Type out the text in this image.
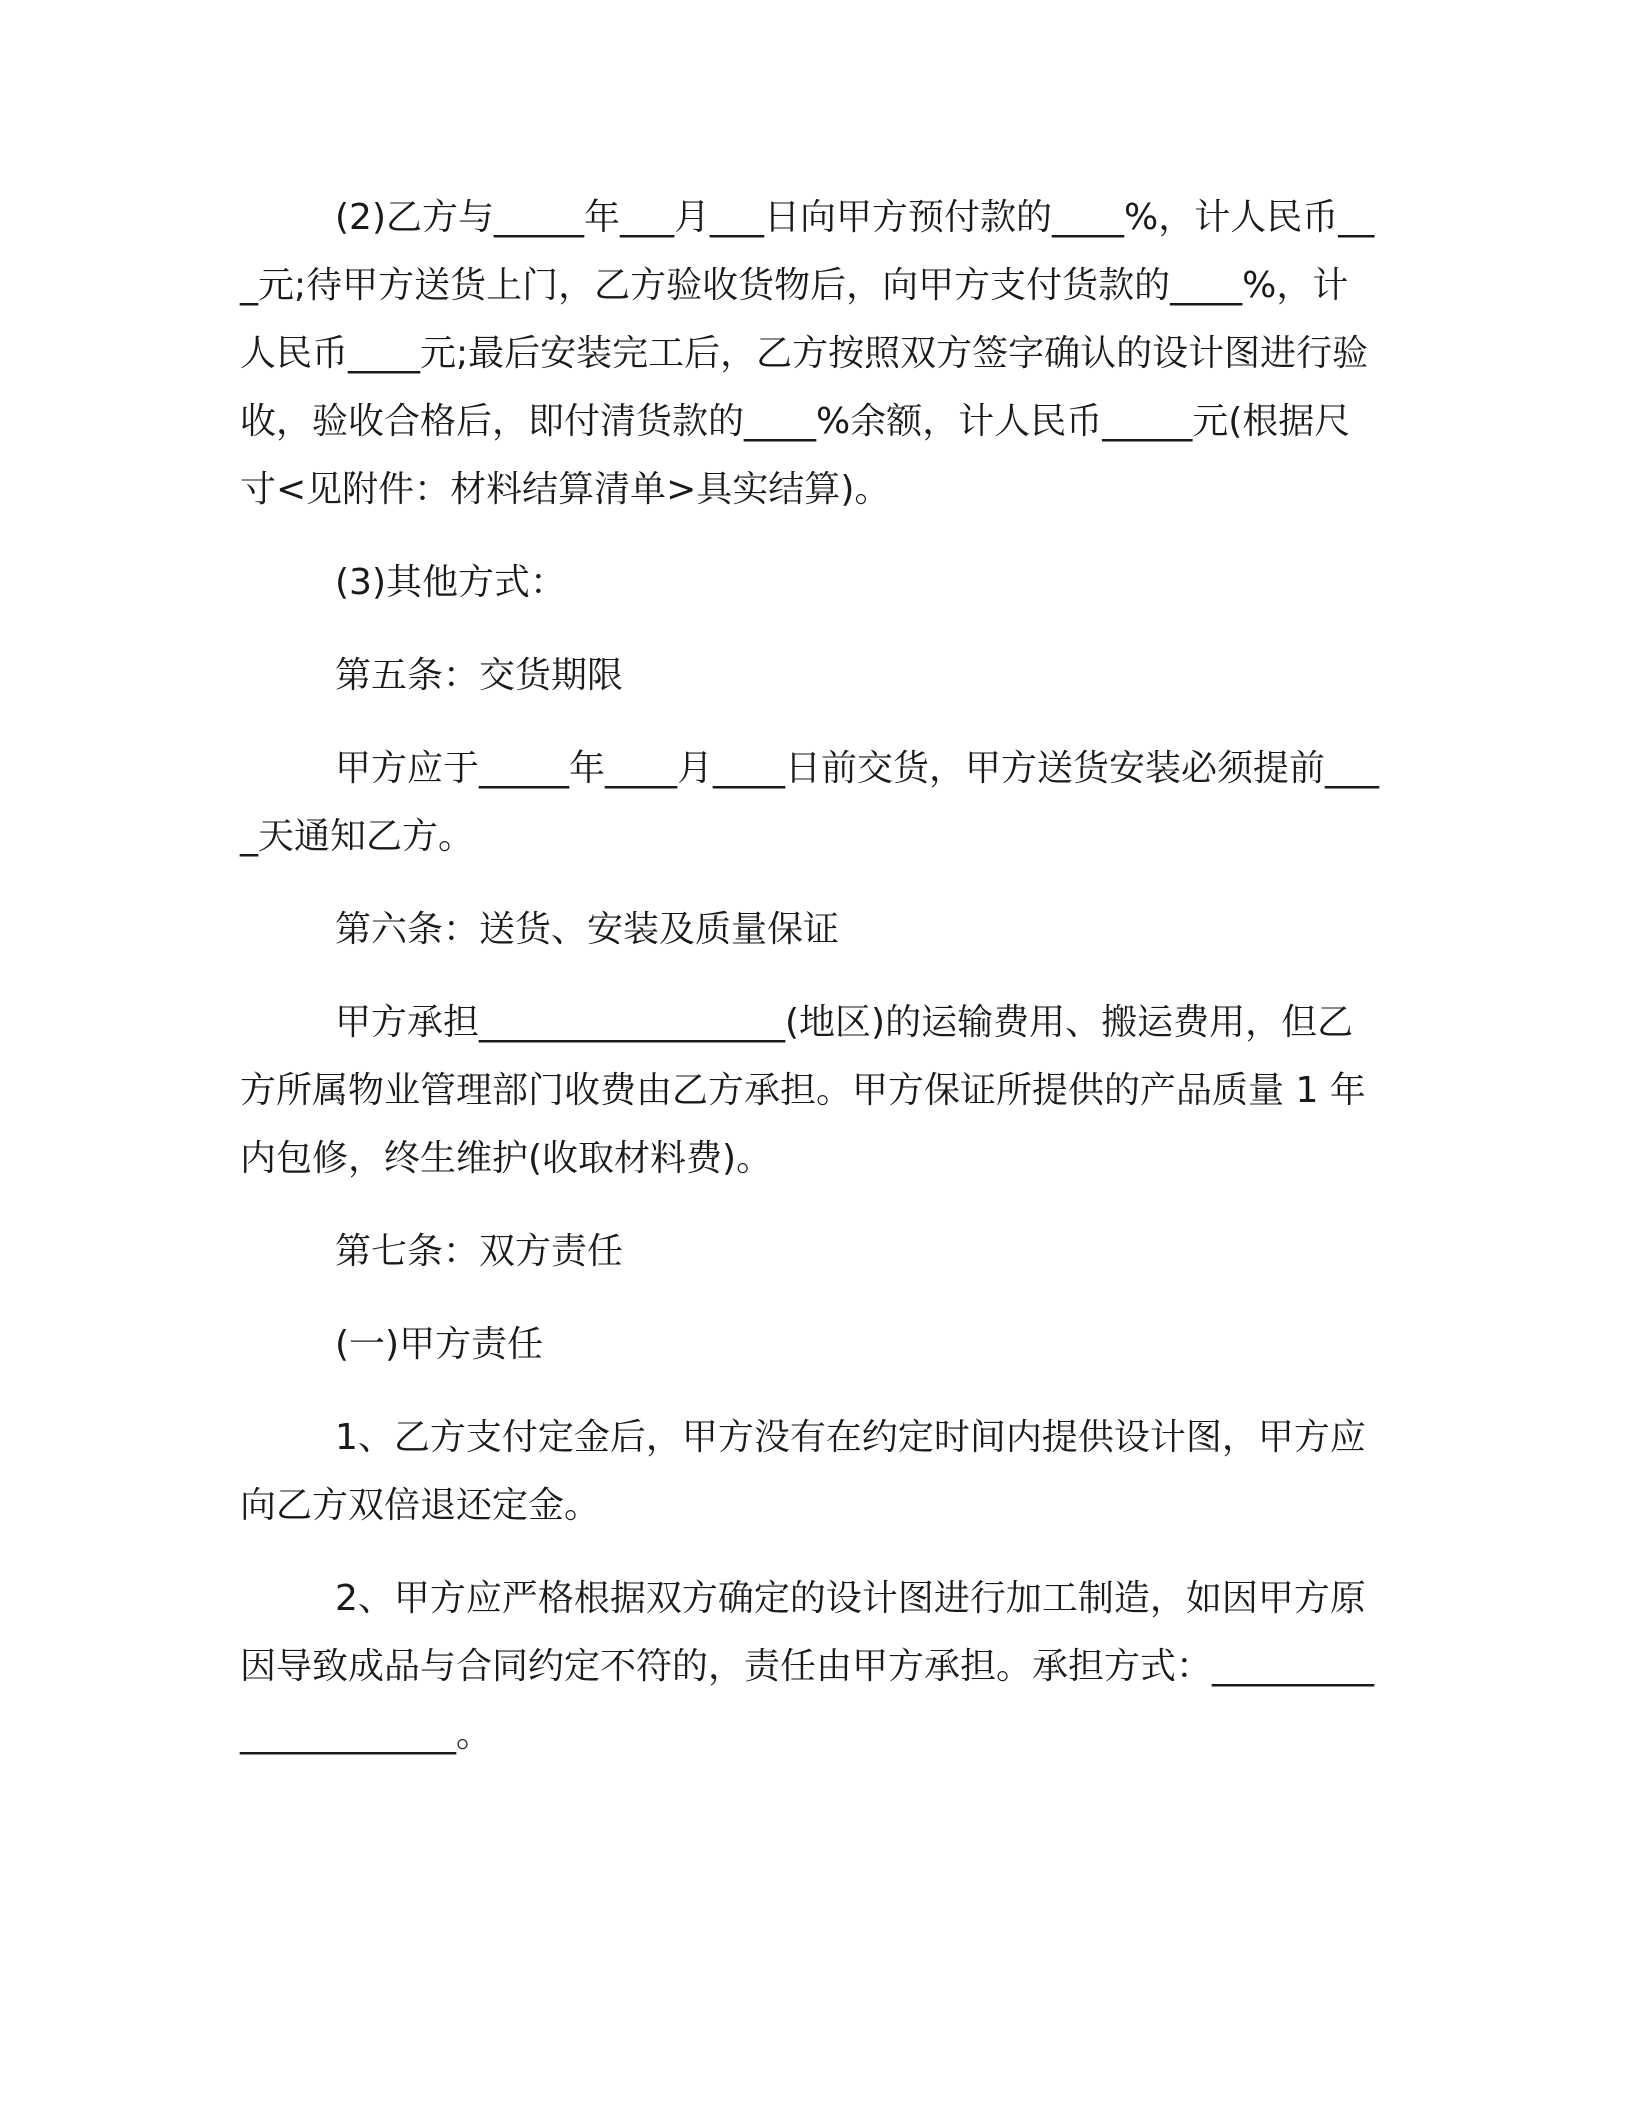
(2)乙方与_____年___月___日向甲方预付款的____%，计人民币___元;待甲方送货上门，乙方验收货物后，向甲方支付货款的____%，计人民币____元;最后安装完工后，乙方按照双方签字确认的设计图进行验收，验收合格后，即付清货款的____%余额，计人民币_____元(根据尺寸<见附件：材料结算清单>具实结算)。

(3)其他方式：

第五条：交货期限

甲方应于_____年____月____日前交货，甲方送货安装必须提前____天通知乙方。

第六条：送货、安装及质量保证

甲方承担_________________(地区)的运输费用、搬运费用，但乙方所属物业管理部门收费由乙方承担。甲方保证所提供的产品质量 1 年内包修，终生维护(收取材料费)。

第七条：双方责任

(一)甲方责任

1、乙方支付定金后，甲方没有在约定时间内提供设计图，甲方应向乙方双倍退还定金。

2、甲方应严格根据双方确定的设计图进行加工制造，如因甲方原因导致成品与合同约定不符的，责任由甲方承担。承担方式：_____________________。
